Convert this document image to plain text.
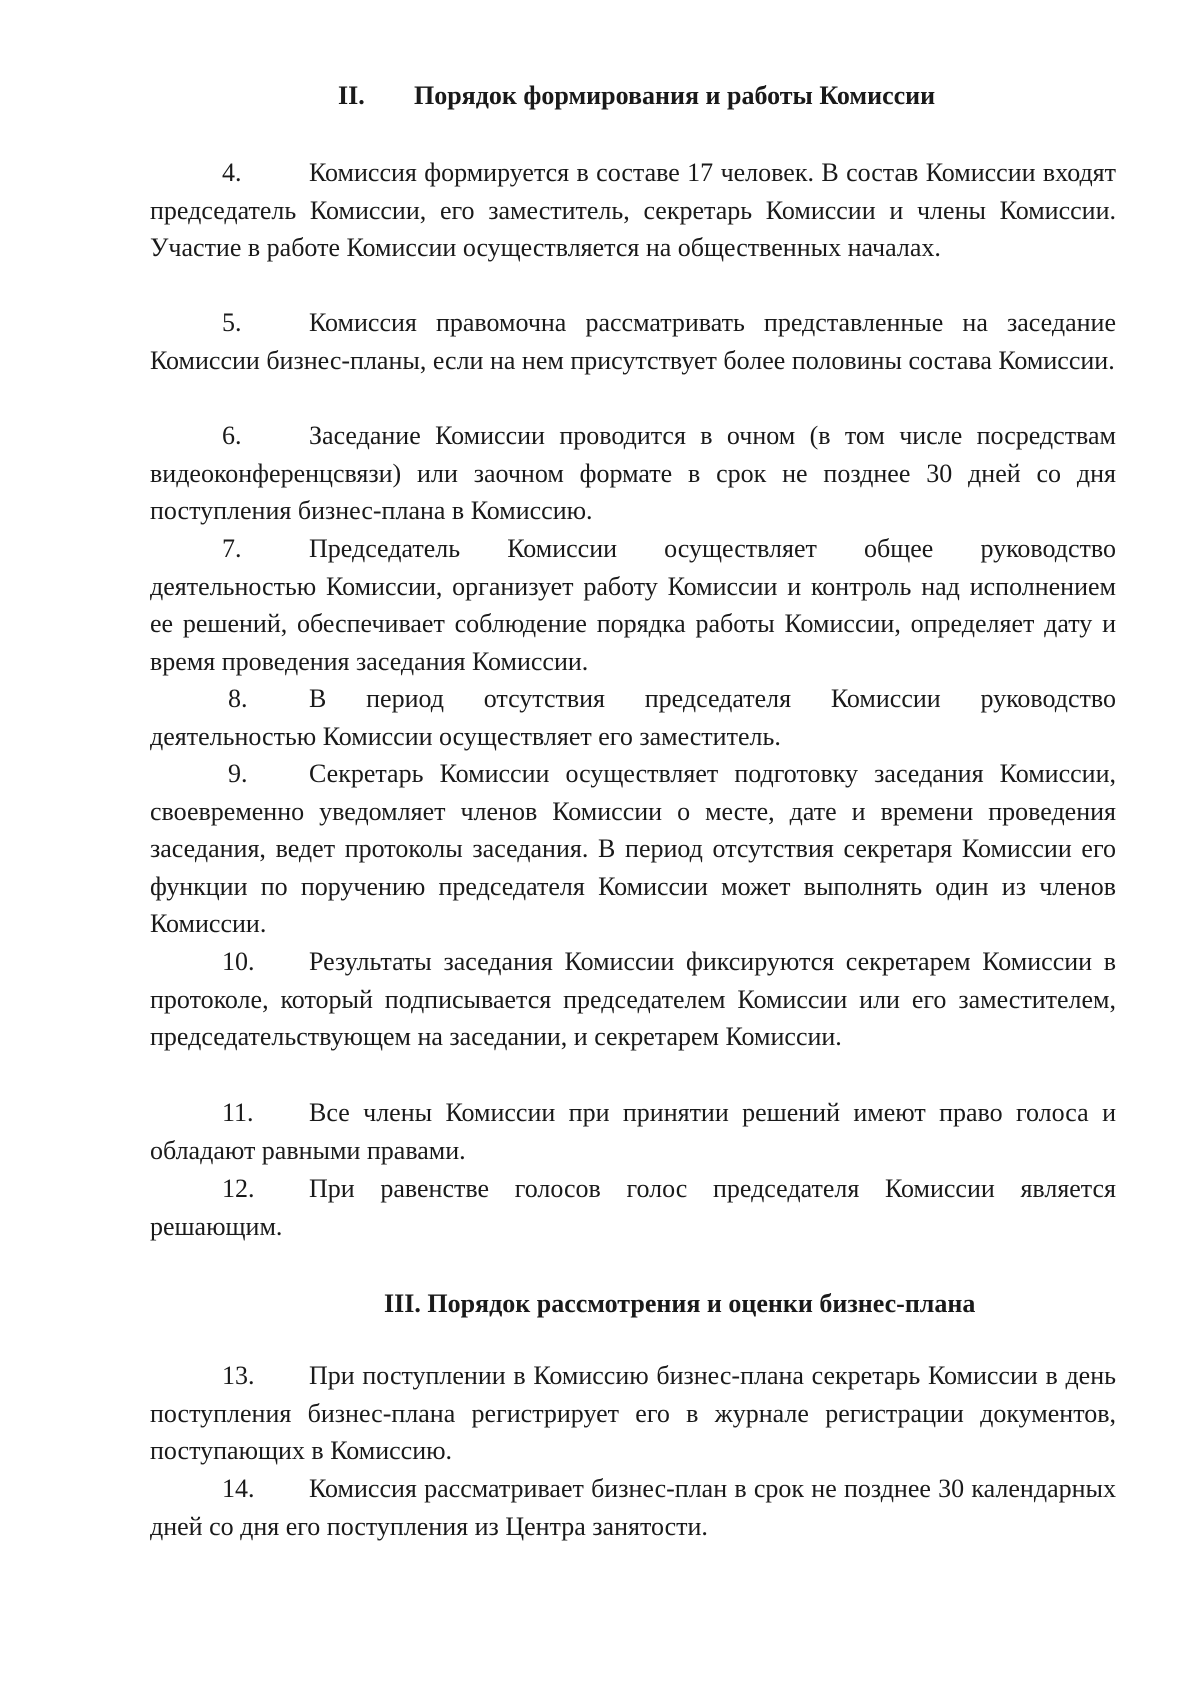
II. Порядок формирования и работы Комиссии

4.	Комиссия формируется в составе 17 человек. В состав Комиссии входят председатель Комиссии, его заместитель, секретарь Комиссии и члены Комиссии. Участие в работе Комиссии осуществляется на общественных началах.

5.	Комиссия правомочна рассматривать представленные на заседание Комиссии бизнес-планы, если на нем присутствует более половины состава Комиссии.

6.	Заседание Комиссии проводится в очном (в том числе посредствам видеоконференцсвязи) или заочном формате в срок не позднее 30 дней со дня поступления бизнес-плана в Комиссию.

7.	Председатель Комиссии осуществляет общее руководство деятельностью Комиссии, организует работу Комиссии и контроль над исполнением ее решений, обеспечивает соблюдение порядка работы Комиссии, определяет дату и время проведения заседания Комиссии.

8. В период отсутствия председателя Комиссии руководство деятельностью Комиссии осуществляет его заместитель.

9. Секретарь Комиссии осуществляет подготовку заседания Комиссии, своевременно уведомляет членов Комиссии о месте, дате и времени проведения заседания, ведет протоколы заседания. В период отсутствия секретаря Комиссии его функции по поручению председателя Комиссии может выполнять один из членов Комиссии.

10. Результаты заседания Комиссии фиксируются секретарем Комиссии в протоколе, который подписывается председателем Комиссии или его заместителем, председательствующем на заседании, и секретарем Комиссии.

11. Все члены Комиссии при принятии решений имеют право голоса и обладают равными правами.

12. При равенстве голосов голос председателя Комиссии является решающим.

III. Порядок рассмотрения и оценки бизнес-плана

13. При поступлении в Комиссию бизнес-плана секретарь Комиссии в день поступления бизнес-плана регистрирует его в журнале регистрации документов, поступающих в Комиссию.

14. Комиссия рассматривает бизнес-план в срок не позднее 30 календарных дней со дня его поступления из Центра занятости.
